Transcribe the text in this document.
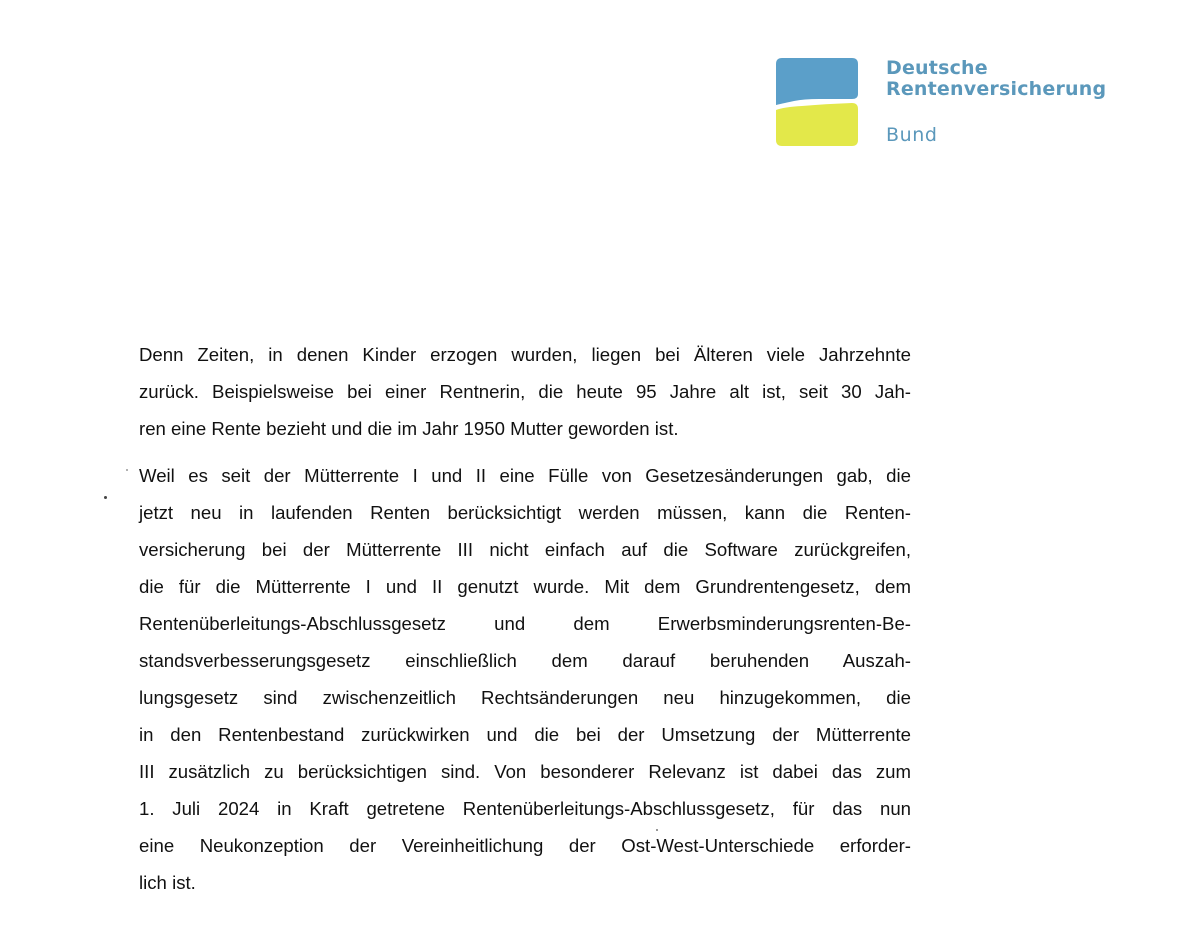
Deutsche
Rentenversicherung
Bund

Denn Zeiten, in denen Kinder erzogen wurden, liegen bei Älteren viele Jahrzehnte
zurück. Beispielsweise bei einer Rentnerin, die heute 95 Jahre alt ist, seit 30 Jah-
ren eine Rente bezieht und die im Jahr 1950 Mutter geworden ist.

Weil es seit der Mütterrente I und II eine Fülle von Gesetzesänderungen gab, die
jetzt neu in laufenden Renten berücksichtigt werden müssen, kann die Renten-
versicherung bei der Mütterrente III nicht einfach auf die Software zurückgreifen,
die für die Mütterrente I und II genutzt wurde. Mit dem Grundrentengesetz, dem
Rentenüberleitungs-Abschlussgesetz und dem Erwerbsminderungsrenten-Be-
standsverbesserungsgesetz einschließlich dem darauf beruhenden Auszah-
lungsgesetz sind zwischenzeitlich Rechtsänderungen neu hinzugekommen, die
in den Rentenbestand zurückwirken und die bei der Umsetzung der Mütterrente
III zusätzlich zu berücksichtigen sind. Von besonderer Relevanz ist dabei das zum
1. Juli 2024 in Kraft getretene Rentenüberleitungs-Abschlussgesetz, für das nun
eine Neukonzeption der Vereinheitlichung der Ost-West-Unterschiede erforder-
lich ist.
